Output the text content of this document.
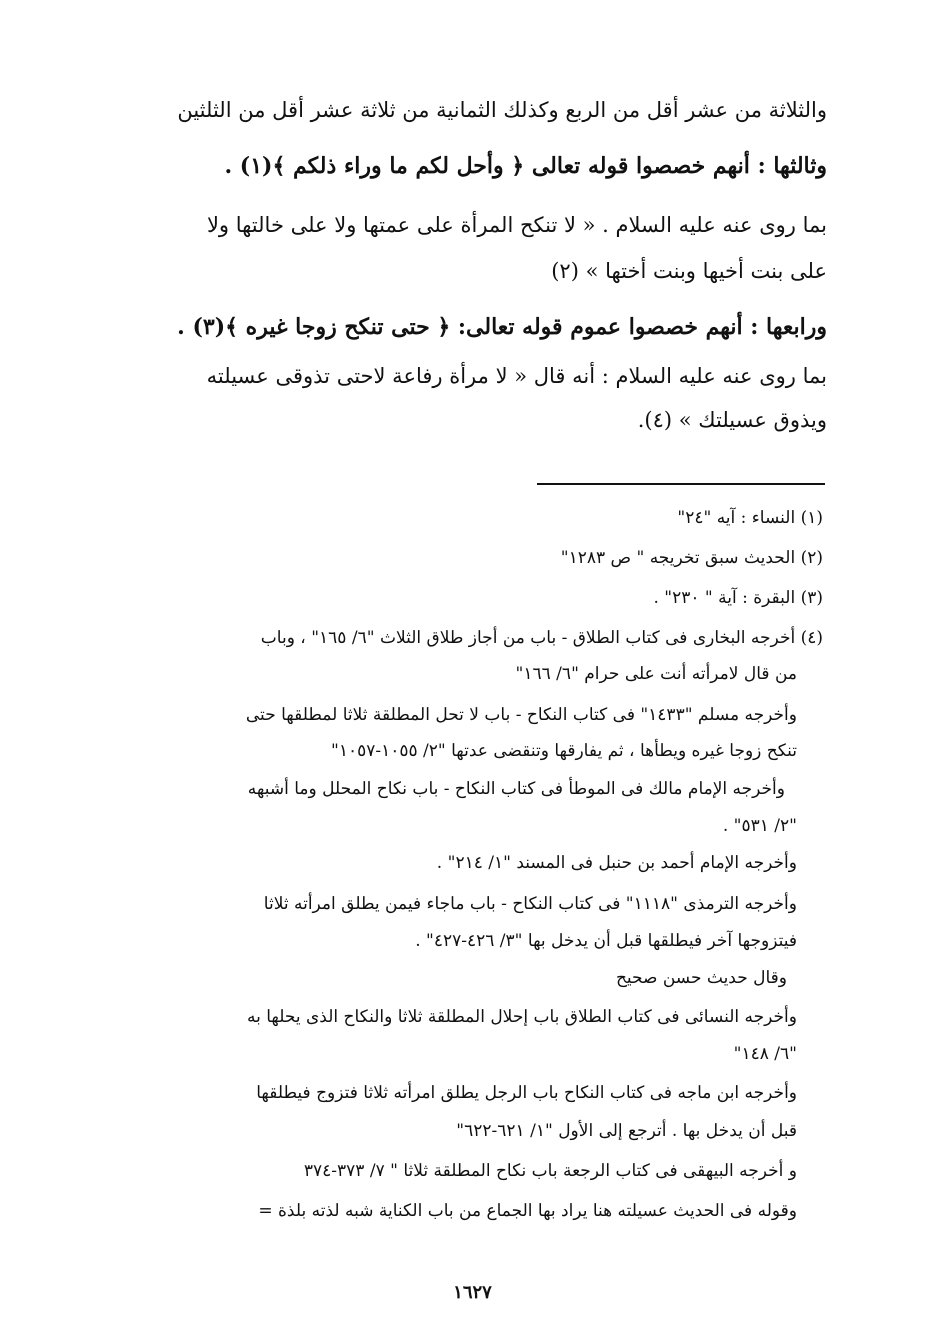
والثلاثة من عشر أقل من الربع وكذلك الثمانية من ثلاثة عشر أقل من الثلثين
وثالثها : أنهم خصصوا قوله تعالى ﴿ وأحل لكم ما وراء ذلكم ﴾(١) .
بما روى عنه عليه السلام . « لا تنكح المرأة على عمتها ولا على خالتها ولا
على بنت أخيها وبنت أختها » (٢)
ورابعها : أنهم خصصوا عموم قوله تعالى: ﴿ حتى تنكح زوجا غيره ﴾(٣) .
بما روى عنه عليه السلام : أنه قال « لا مرأة رفاعة لاحتى تذوقى عسيلته
ويذوق عسيلتك » (٤).
(١) النساء : آيه "٢٤"
(٢) الحديث سبق تخريجه " ص ١٢٨٣"
(٣) البقرة : آية " ٢٣٠" .
(٤) أخرجه البخارى فى كتاب الطلاق - باب من أجاز طلاق الثلاث "٦/ ١٦٥" ، وباب
من قال لامرأته أنت على حرام "٦/ ١٦٦"
وأخرجه مسلم "١٤٣٣" فى كتاب النكاح - باب لا تحل المطلقة ثلاثا لمطلقها حتى
تنكح زوجا غيره ويطأها ، ثم يفارقها وتنقضى عدتها "٢/ ١٠٥٥-١٠٥٧"
وأخرجه الإمام مالك فى الموطأ فى كتاب النكاح - باب نكاح المحلل وما أشبهه
"٢/ ٥٣١" .
وأخرجه الإمام أحمد بن حنبل فى المسند "١/ ٢١٤" .
وأخرجه الترمذى "١١١٨" فى كتاب النكاح - باب ماجاء فيمن يطلق امرأته ثلاثا
فيتزوجها آخر فيطلقها قبل أن يدخل بها "٣/ ٤٢٦-٤٢٧" .
وقال حديث حسن صحيح
وأخرجه النسائى فى كتاب الطلاق باب إحلال المطلقة ثلاثا والنكاح الذى يحلها به
"٦/ ١٤٨"
وأخرجه ابن ماجه فى كتاب النكاح باب الرجل يطلق امرأته ثلاثا فتزوج فيطلقها
قبل أن يدخل بها . أترجع إلى الأول "١/ ٦٢١-٦٢٢"
و أخرجه البيهقى فى كتاب الرجعة باب نكاح المطلقة ثلاثا " ٧/ ٣٧٣-٣٧٤
وقوله فى الحديث عسيلته هنا يراد بها الجماع من باب الكناية شبه لذته بلذة =
١٦٢٧
